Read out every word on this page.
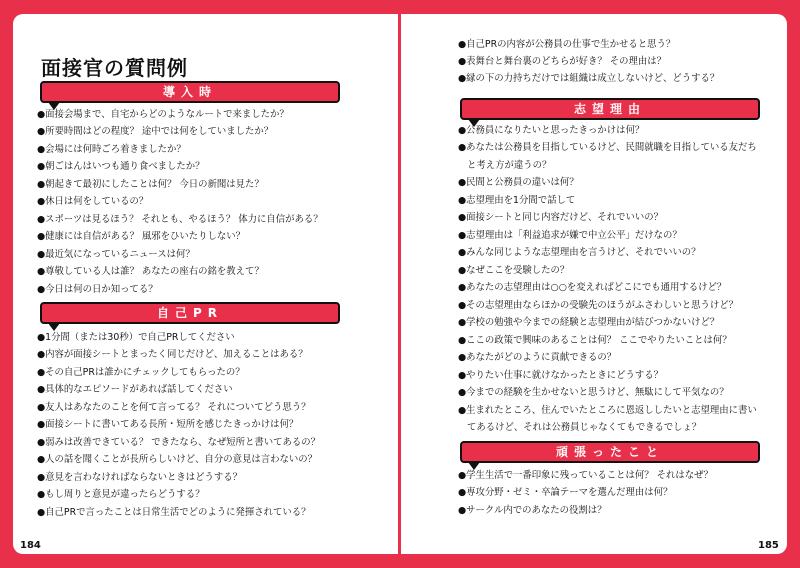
面接官の質問例
導入時
●面接会場まで、自宅からどのようなルートで来ましたか？
●所要時間はどの程度？ 途中では何をしていましたか？
●会場には何時ごろ着きましたか？
●朝ごはんはいつも通り食べましたか？
●朝起きて最初にしたことは何？ 今日の新聞は見た？
●休日は何をしているの？
●スポーツは見るほう？ それとも、やるほう？ 体力に自信がある？
●健康には自信がある？ 風邪をひいたりしない？
●最近気になっているニュースは何？
●尊敬している人は誰？ あなたの座右の銘を教えて？
●今日は何の日か知ってる？
自己PR
●1分間（または30秒）で自己PRしてください
●内容が面接シートとまったく同じだけど、加えることはある？
●その自己PRは誰かにチェックしてもらったの？
●具体的なエピソードがあれば話してください
●友人はあなたのことを何て言ってる？ それについてどう思う？
●面接シートに書いてある長所・短所を感じたきっかけは何？
●弱みは改善できている？ できたなら、なぜ短所と書いてあるの？
●人の話を聞くことが長所らしいけど、自分の意見は言わないの？
●意見を言わなければならないときはどうする？
●もし周りと意見が違ったらどうする？
●自己PRで言ったことは日常生活でどのように発揮されている？
184
●自己PRの内容が公務員の仕事で生かせると思う？
●表舞台と舞台裏のどちらが好き？ その理由は？
●縁の下の力持ちだけでは組織は成立しないけど、どうする？
志望理由
●公務員になりたいと思ったきっかけは何？
●あなたは公務員を目指しているけど、民間就職を目指している友だち
と考え方が違うの？
●民間と公務員の違いは何？
●志望理由を1分間で話して
●面接シートと同じ内容だけど、それでいいの？
●志望理由は「利益追求が嫌で中立公平」だけなの？
●みんな同じような志望理由を言うけど、それでいいの？
●なぜここを受験したの？
●あなたの志望理由は○○を変えればどこにでも通用するけど？
●その志望理由ならほかの受験先のほうがふさわしいと思うけど？
●学校の勉強や今までの経験と志望理由が結びつかないけど？
●ここの政策で興味のあることは何？ ここでやりたいことは何？
●あなたがどのように貢献できるの？
●やりたい仕事に就けなかったときにどうする？
●今までの経験を生かせないと思うけど、無駄にして平気なの？
●生まれたところ、住んでいたところに恩返ししたいと志望理由に書い
てあるけど、それは公務員じゃなくてもできるでしょ？
頑張ったこと
●学生生活で一番印象に残っていることは何？ それはなぜ？
●専攻分野・ゼミ・卒論テーマを選んだ理由は何？
●サークル内でのあなたの役割は？
185
